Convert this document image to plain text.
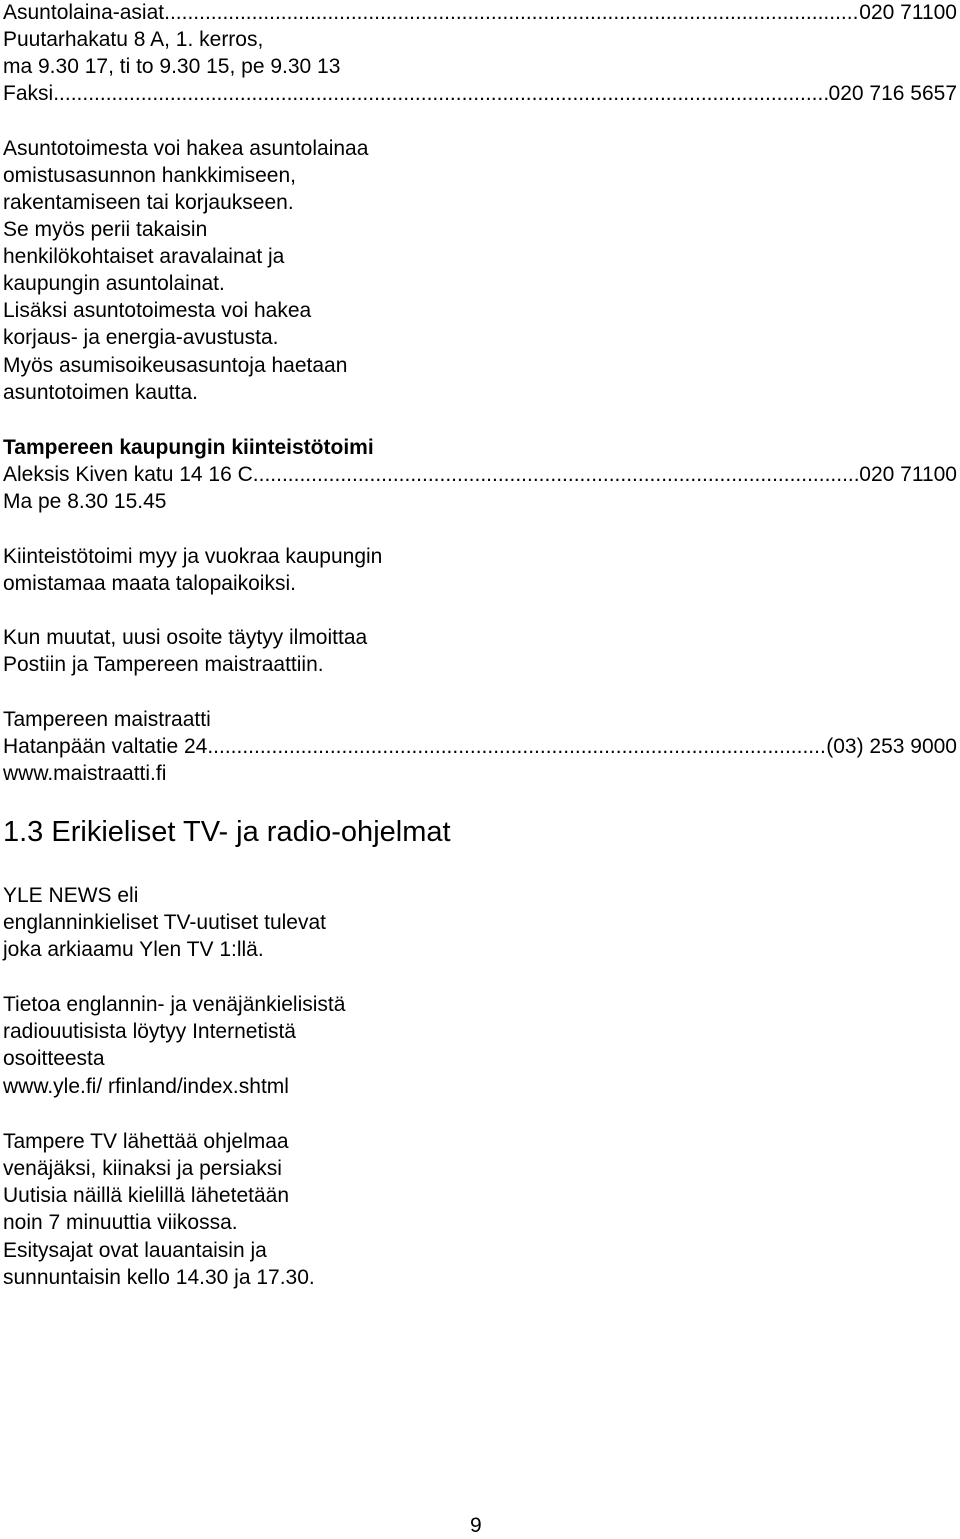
Asuntolaina-asiat .....	020 71100
Puutarhakatu 8 A, 1. kerros,
ma 9.30 17, ti to 9.30 15, pe 9.30 13
Faksi .....	020 716 5657
Asuntotoimesta voi hakea asuntolainaa
omistusasunnon hankkimiseen,
rakentamiseen tai korjaukseen.
Se myös perii takaisin
henkilökohtaiset aravalainat ja
kaupungin asuntolainat.
Lisäksi asuntotoimesta voi hakea
korjaus- ja energia-avustusta.
Myös asumisoikeusasuntoja haetaan
asuntotoimen kautta.
Tampereen kaupungin kiinteistötoimi
Aleksis Kiven katu 14 16 C .....	020 71100
Ma pe 8.30 15.45
Kiinteistötoimi myy ja vuokraa kaupungin
omistamaa maata talopaikoiksi.
Kun muutat, uusi osoite täytyy ilmoittaa
Postiin ja Tampereen maistraattiin.
Tampereen maistraatti
Hatanpään valtatie 24 .....	(03) 253 9000
www.maistraatti.fi
1.3 Erikieliset TV- ja radio-ohjelmat
YLE NEWS eli
englanninkieliset TV-uutiset tulevat
joka arkiaamu Ylen TV 1:llä.
Tietoa englannin- ja venäjänkielisistä
radiouutisista löytyy Internetistä
osoitteesta
www.yle.fi/ rfinland/index.shtml
Tampere TV lähettää ohjelmaa
venäjäksi, kiinaksi ja persiaksi
Uutisia näillä kielillä lähetetään
noin 7 minuuttia viikossa.
Esitysajat ovat lauantaisin ja
sunnuntaisin kello 14.30 ja 17.30.
9
